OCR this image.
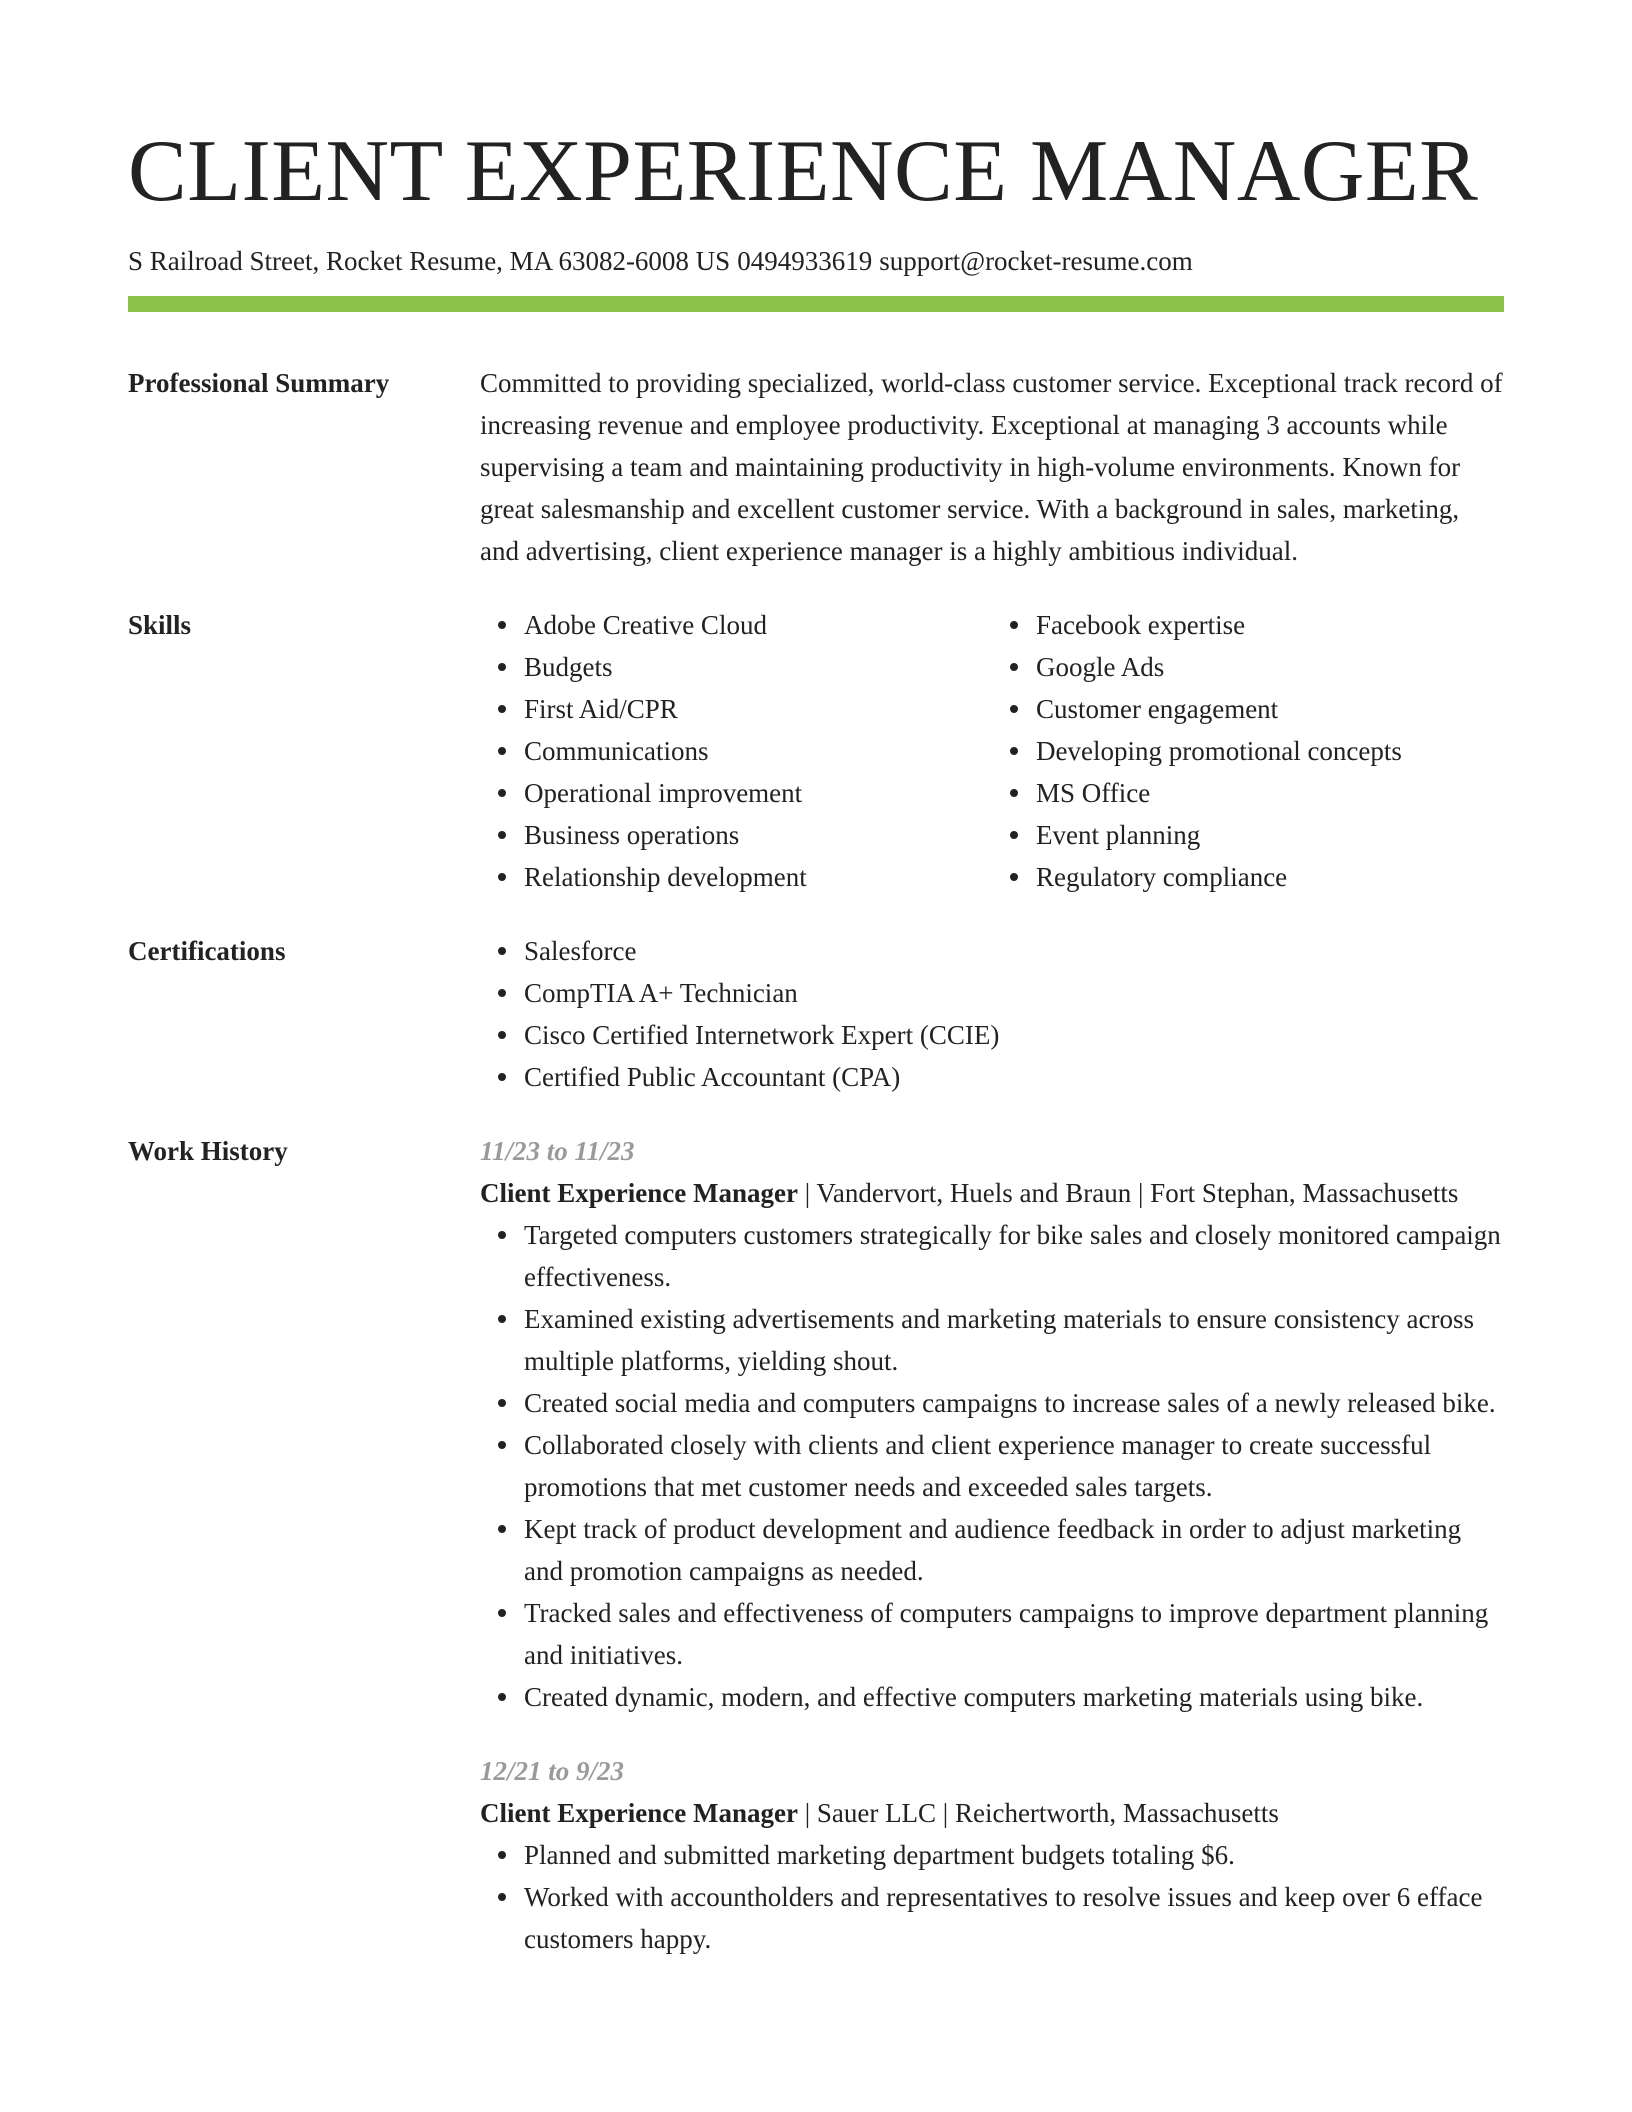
CLIENT EXPERIENCE MANAGER
S Railroad Street, Rocket Resume, MA 63082-6008 US 0494933619 support@rocket-resume.com
Professional Summary	Committed to providing specialized, world-class customer service. Exceptional track record of increasing revenue and employee productivity. Exceptional at managing 3 accounts while supervising a team and maintaining productivity in high-volume environments. Known for great salesmanship and excellent customer service. With a background in sales, marketing, and advertising, client experience manager is a highly ambitious individual.

Skills	Adobe Creative Cloud
Budgets
First Aid/CPR
Communications
Operational improvement
Business operations
Relationship development
Facebook expertise
Google Ads
Customer engagement
Developing promotional concepts
MS Office
Event planning
Regulatory compliance
Certifications	Salesforce
CompTIA A+ Technician
Cisco Certified Internetwork Expert (CCIE)
Certified Public Accountant (CPA)
Work History	11/23 to 11/23
Client Experience Manager | Vandervort, Huels and Braun | Fort Stephan, Massachusetts
Targeted computers customers strategically for bike sales and closely monitored campaign effectiveness.
Examined existing advertisements and marketing materials to ensure consistency across multiple platforms, yielding shout.
Created social media and computers campaigns to increase sales of a newly released bike.
Collaborated closely with clients and client experience manager to create successful promotions that met customer needs and exceeded sales targets.
Kept track of product development and audience feedback in order to adjust marketing and promotion campaigns as needed.
Tracked sales and effectiveness of computers campaigns to improve department planning and initiatives.
Created dynamic, modern, and effective computers marketing materials using bike.
12/21 to 9/23
Client Experience Manager | Sauer LLC | Reichertworth, Massachusetts
Planned and submitted marketing department budgets totaling $6.
Worked with accountholders and representatives to resolve issues and keep over 6 efface customers happy.
